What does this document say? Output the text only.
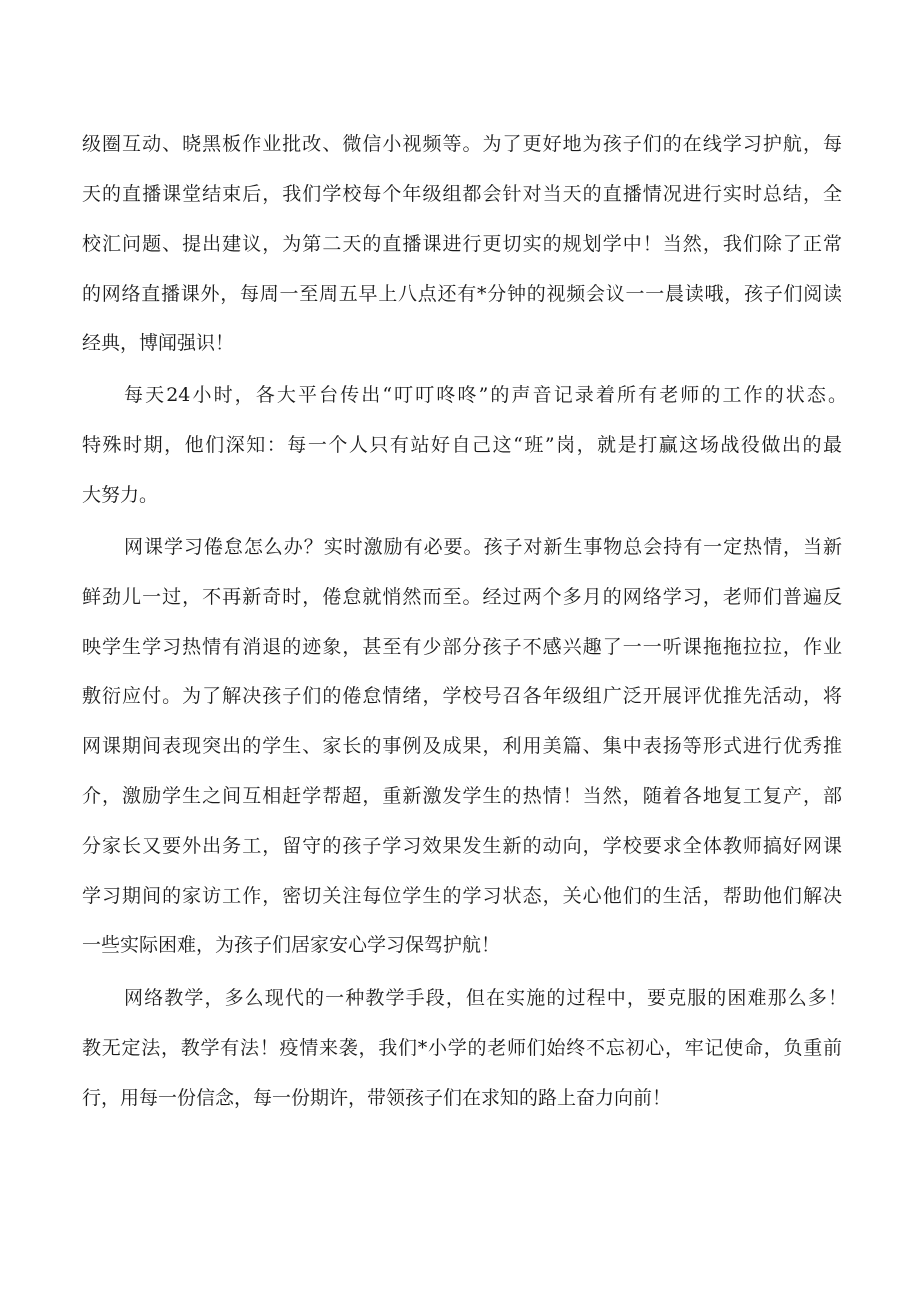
级圈互动、晓黑板作业批改、微信小视频等。为了更好地为孩子们的在线学习护航，每

天的直播课堂结束后，我们学校每个年级组都会针对当天的直播情况进行实时总结，全

校汇问题、提出建议，为第二天的直播课进行更切实的规划学中！当然，我们除了正常

的网络直播课外，每周一至周五早上八点还有*分钟的视频会议一一晨读哦，孩子们阅读

经典，博闻强识！

每天24小时，各大平台传出“叮叮咚咚”的声音记录着所有老师的工作的状态。

特殊时期，他们深知：每一个人只有站好自己这“班”岗，就是打赢这场战役做出的最

大努力。

网课学习倦怠怎么办？实时激励有必要。孩子对新生事物总会持有一定热情，当新

鲜劲儿一过，不再新奇时，倦怠就悄然而至。经过两个多月的网络学习，老师们普遍反

映学生学习热情有消退的迹象，甚至有少部分孩子不感兴趣了一一听课拖拖拉拉，作业

敷衍应付。为了解决孩子们的倦怠情绪，学校号召各年级组广泛开展评优推先活动，将

网课期间表现突出的学生、家长的事例及成果，利用美篇、集中表扬等形式进行优秀推

介，激励学生之间互相赶学帮超，重新激发学生的热情！当然，随着各地复工复产，部

分家长又要外出务工，留守的孩子学习效果发生新的动向，学校要求全体教师搞好网课

学习期间的家访工作，密切关注每位学生的学习状态，关心他们的生活，帮助他们解决

一些实际困难，为孩子们居家安心学习保驾护航！

网络教学，多么现代的一种教学手段，但在实施的过程中，要克服的困难那么多！

教无定法，教学有法！疫情来袭，我们*小学的老师们始终不忘初心，牢记使命，负重前

行，用每一份信念，每一份期许，带领孩子们在求知的路上奋力向前！
